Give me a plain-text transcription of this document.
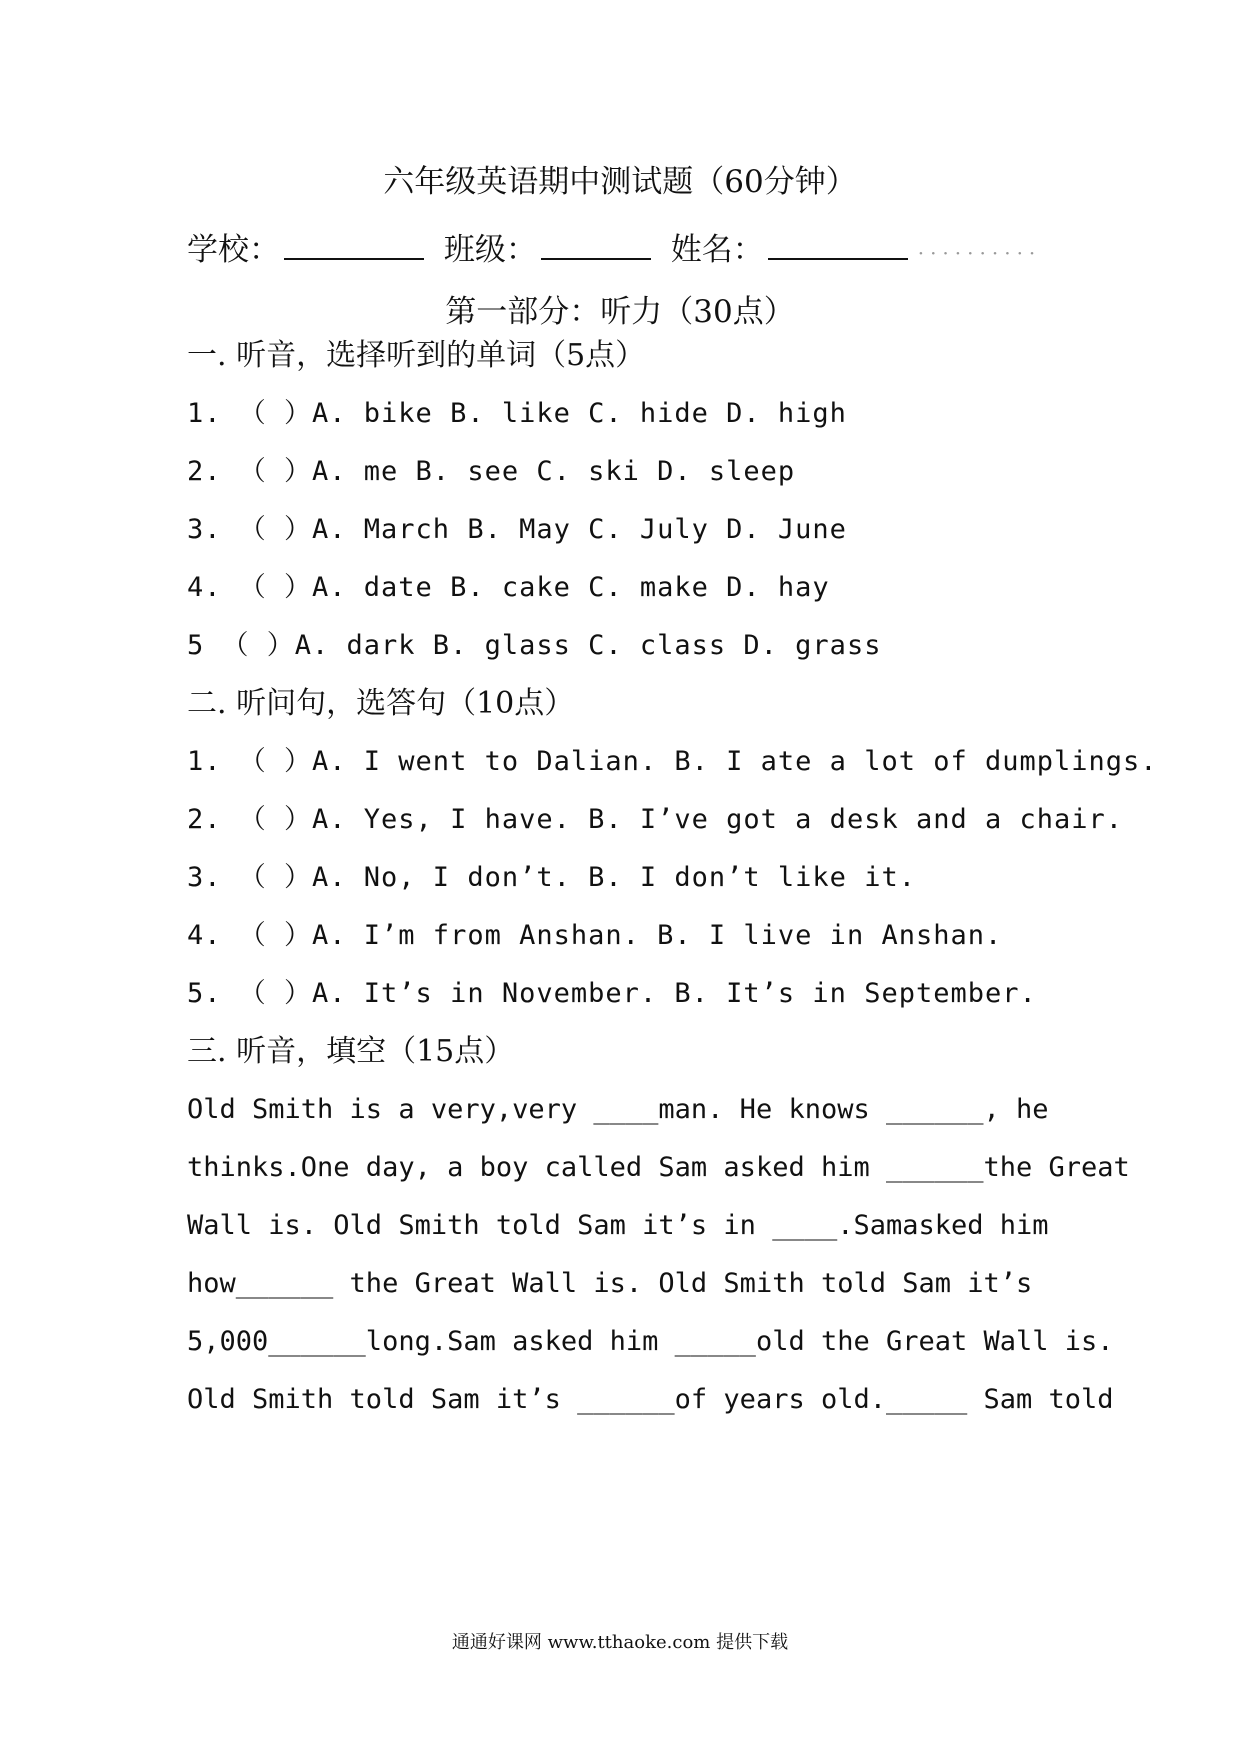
六年级英语期中测试题（60分钟）
学校：	班级：	姓名：	··········
第一部分：听力（30点）
一. 听音，选择听到的单词（5点）
1. （ ）A. bike B. like C. hide D. high
2. （ ）A. me B. see C. ski D. sleep
3. （ ）A. March B. May C. July D. June
4. （ ）A. date B. cake C. make D. hay
5 （ ）A. dark B. glass C. class D. grass
二. 听问句，选答句（10点）
1. （ ）A. I went to Dalian. B. I ate a lot of dumplings.
2. （ ）A. Yes, I have. B. I’ve got a desk and a chair.
3. （ ）A. No, I don’t. B. I don’t like it.
4. （ ）A. I’m from Anshan. B. I live in Anshan.
5. （ ）A. It’s in November. B. It’s in September.
三. 听音，填空（15点）
Old Smith is a very,very ____man. He knows ______, he
thinks.One day, a boy called Sam asked him ______the Great
Wall is. Old Smith told Sam it’s in ____.Samasked him
how______ the Great Wall is. Old Smith told Sam it’s
5,000______long.Sam asked him _____old the Great Wall is.
Old Smith told Sam it’s ______of years old._____ Sam told
通通好课网 www.tthaoke.com 提供下载
